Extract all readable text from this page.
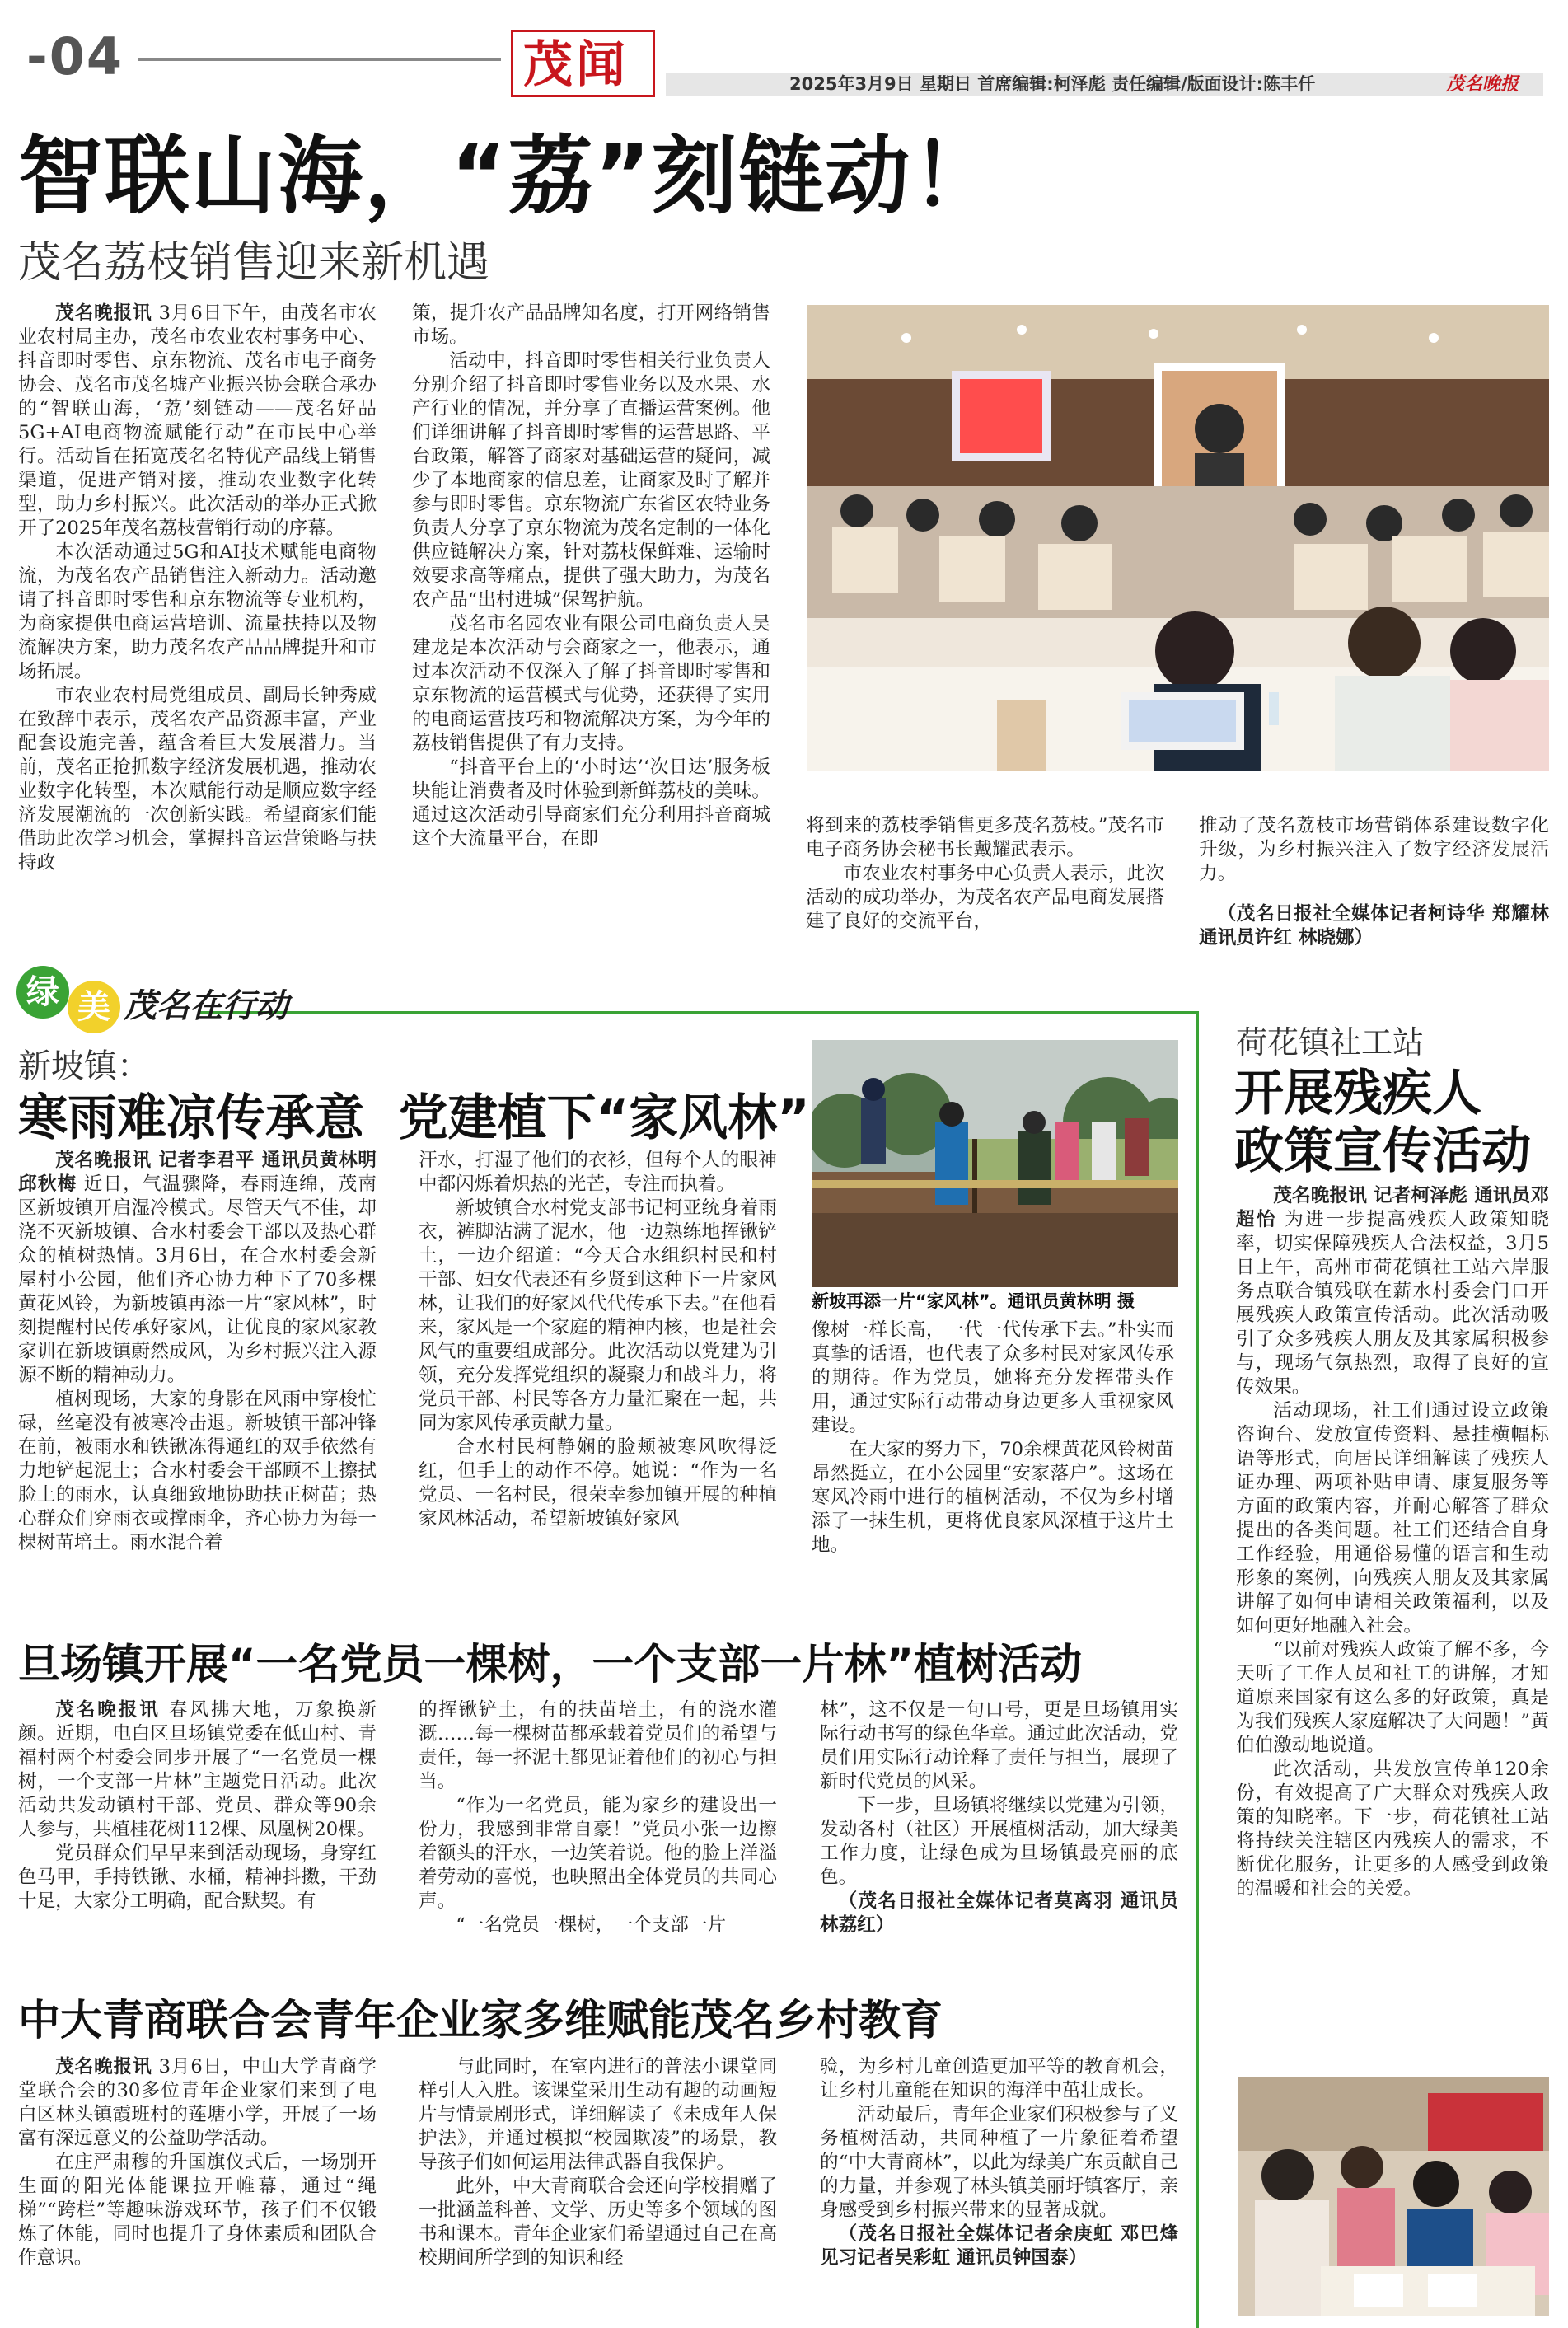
-04	茂闻	2025年3月9日 星期日 首席编辑:柯泽彪 责任编辑/版面设计:陈丰仟	茂名晚报
智联山海，“荔”刻链动！
茂名荔枝销售迎来新机遇

茂名晚报讯 3月6日下午，由茂名市农业农村局主办，茂名市农业农村事务中心、抖音即时零售、京东物流、茂名市电子商务协会、茂名市茂名墟产业振兴协会联合承办的“智联山海，‘荔’刻链动——茂名好品5G+AI电商物流赋能行动”在市民中心举行。活动旨在拓宽茂名名特优产品线上销售渠道，促进产销对接，推动农业数字化转型，助力乡村振兴。此次活动的举办正式掀开了2025年茂名荔枝营销行动的序幕。

本次活动通过5G和AI技术赋能电商物流，为茂名农产品销售注入新动力。活动邀请了抖音即时零售和京东物流等专业机构，为商家提供电商运营培训、流量扶持以及物流解决方案，助力茂名农产品品牌提升和市场拓展。

市农业农村局党组成员、副局长钟秀威在致辞中表示，茂名农产品资源丰富，产业配套设施完善，蕴含着巨大发展潜力。当前，茂名正抢抓数字经济发展机遇，推动农业数字化转型，本次赋能行动是顺应数字经济发展潮流的一次创新实践。希望商家们能借助此次学习机会，掌握抖音运营策略与扶持政

策，提升农产品品牌知名度，打开网络销售市场。

活动中，抖音即时零售相关行业负责人分别介绍了抖音即时零售业务以及水果、水产行业的情况，并分享了直播运营案例。他们详细讲解了抖音即时零售的运营思路、平台政策，解答了商家对基础运营的疑问，减少了本地商家的信息差，让商家及时了解并参与即时零售。京东物流广东省区农特业务负责人分享了京东物流为茂名定制的一体化供应链解决方案，针对荔枝保鲜难、运输时效要求高等痛点，提供了强大助力，为茂名农产品“出村进城”保驾护航。

茂名市名园农业有限公司电商负责人吴建龙是本次活动与会商家之一，他表示，通过本次活动不仅深入了解了抖音即时零售和京东物流的运营模式与优势，还获得了实用的电商运营技巧和物流解决方案，为今年的荔枝销售提供了有力支持。

“抖音平台上的‘小时达’‘次日达’服务板块能让消费者及时体验到新鲜荔枝的美味。通过这次活动引导商家们充分利用抖音商城这个大流量平台，在即

将到来的荔枝季销售更多茂名荔枝。”茂名市电子商务协会秘书长戴耀武表示。

市农业农村事务中心负责人表示，此次活动的成功举办，为茂名农产品电商发展搭建了良好的交流平台，

推动了茂名荔枝市场营销体系建设数字化升级，为乡村振兴注入了数字经济发展活力。

（茂名日报社全媒体记者柯诗华 郑耀林 通讯员许红 林晓娜）

绿 美 茂名在行动
新坡镇：
寒雨难凉传承意  党建植下“家风林”

茂名晚报讯 记者李君平 通讯员黄林明 邱秋梅 近日，气温骤降，春雨连绵，茂南区新坡镇开启湿冷模式。尽管天气不佳，却浇不灭新坡镇、合水村委会干部以及热心群众的植树热情。3月6日，在合水村委会新屋村小公园，他们齐心协力种下了70多棵黄花风铃，为新坡镇再添一片“家风林”，时刻提醒村民传承好家风，让优良的家风家教家训在新坡镇蔚然成风，为乡村振兴注入源源不断的精神动力。

植树现场，大家的身影在风雨中穿梭忙碌，丝毫没有被寒冷击退。新坡镇干部冲锋在前，被雨水和铁锹冻得通红的双手依然有力地铲起泥土；合水村委会干部顾不上擦拭脸上的雨水，认真细致地协助扶正树苗；热心群众们穿雨衣或撑雨伞，齐心协力为每一棵树苗培土。雨水混合着

汗水，打湿了他们的衣衫，但每个人的眼神中都闪烁着炽热的光芒，专注而执着。

新坡镇合水村党支部书记柯亚统身着雨衣，裤脚沾满了泥水，他一边熟练地挥锹铲土，一边介绍道：“今天合水组织村民和村干部、妇女代表还有乡贤到这种下一片家风林，让我们的好家风代代传承下去。”在他看来，家风是一个家庭的精神内核，也是社会风气的重要组成部分。此次活动以党建为引领，充分发挥党组织的凝聚力和战斗力，将党员干部、村民等各方力量汇聚在一起，共同为家风传承贡献力量。

合水村民柯静娴的脸颊被寒风吹得泛红，但手上的动作不停。她说：“作为一名党员、一名村民，很荣幸参加镇开展的种植家风林活动，希望新坡镇好家风

新坡再添一片“家风林”。通讯员黄林明 摄

像树一样长高，一代一代传承下去。”朴实而真挚的话语，也代表了众多村民对家风传承的期待。作为党员，她将充分发挥带头作用，通过实际行动带动身边更多人重视家风建设。

在大家的努力下，70余棵黄花风铃树苗昂然挺立，在小公园里“安家落户”。这场在寒风冷雨中进行的植树活动，不仅为乡村增添了一抹生机，更将优良家风深植于这片土地。

旦场镇开展“一名党员一棵树，一个支部一片林”植树活动

茂名晚报讯 春风拂大地，万象换新颜。近期，电白区旦场镇党委在低山村、青福村两个村委会同步开展了“一名党员一棵树，一个支部一片林”主题党日活动。此次活动共发动镇村干部、党员、群众等90余人参与，共植桂花树112棵、凤凰树20棵。

党员群众们早早来到活动现场，身穿红色马甲，手持铁锹、水桶，精神抖擞，干劲十足，大家分工明确，配合默契。有

的挥锹铲土，有的扶苗培土，有的浇水灌溉……每一棵树苗都承载着党员们的希望与责任，每一抔泥土都见证着他们的初心与担当。

“作为一名党员，能为家乡的建设出一份力，我感到非常自豪！”党员小张一边擦着额头的汗水，一边笑着说。他的脸上洋溢着劳动的喜悦，也映照出全体党员的共同心声。

“一名党员一棵树，一个支部一片

林”，这不仅是一句口号，更是旦场镇用实际行动书写的绿色华章。通过此次活动，党员们用实际行动诠释了责任与担当，展现了新时代党员的风采。

下一步，旦场镇将继续以党建为引领，发动各村（社区）开展植树活动，加大绿美工作力度，让绿色成为旦场镇最亮丽的底色。

（茂名日报社全媒体记者莫离羽 通讯员林荔红）

中大青商联合会青年企业家多维赋能茂名乡村教育

茂名晚报讯 3月6日，中山大学青商学堂联合会的30多位青年企业家们来到了电白区林头镇霞班村的莲塘小学，开展了一场富有深远意义的公益助学活动。

在庄严肃穆的升国旗仪式后，一场别开生面的阳光体能课拉开帷幕，通过“绳梯”“跨栏”等趣味游戏环节，孩子们不仅锻炼了体能，同时也提升了身体素质和团队合作意识。

与此同时，在室内进行的普法小课堂同样引人入胜。该课堂采用生动有趣的动画短片与情景剧形式，详细解读了《未成年人保护法》，并通过模拟“校园欺凌”的场景，教导孩子们如何运用法律武器自我保护。

此外，中大青商联合会还向学校捐赠了一批涵盖科普、文学、历史等多个领域的图书和课本。青年企业家们希望通过自己在高校期间所学到的知识和经

验，为乡村儿童创造更加平等的教育机会，让乡村儿童能在知识的海洋中茁壮成长。

活动最后，青年企业家们积极参与了义务植树活动，共同种植了一片象征着希望的“中大青商林”，以此为绿美广东贡献自己的力量，并参观了林头镇美丽圩镇客厅，亲身感受到乡村振兴带来的显著成就。

（茂名日报社全媒体记者余庚虹 邓巴烽 见习记者吴彩虹 通讯员钟国泰）

荷花镇社工站
开展残疾人
政策宣传活动

茂名晚报讯 记者柯泽彪 通讯员邓超怡 为进一步提高残疾人政策知晓率，切实保障残疾人合法权益，3月5日上午，高州市荷花镇社工站六岸服务点联合镇残联在薪水村委会门口开展残疾人政策宣传活动。此次活动吸引了众多残疾人朋友及其家属积极参与，现场气氛热烈，取得了良好的宣传效果。

活动现场，社工们通过设立政策咨询台、发放宣传资料、悬挂横幅标语等形式，向居民详细解读了残疾人证办理、两项补贴申请、康复服务等方面的政策内容，并耐心解答了群众提出的各类问题。社工们还结合自身工作经验，用通俗易懂的语言和生动形象的案例，向残疾人朋友及其家属讲解了如何申请相关政策福利，以及如何更好地融入社会。

“以前对残疾人政策了解不多，今天听了工作人员和社工的讲解，才知道原来国家有这么多的好政策，真是为我们残疾人家庭解决了大问题！”黄伯伯激动地说道。

此次活动，共发放宣传单120余份，有效提高了广大群众对残疾人政策的知晓率。下一步，荷花镇社工站将持续关注辖区内残疾人的需求，不断优化服务，让更多的人感受到政策的温暖和社会的关爱。
